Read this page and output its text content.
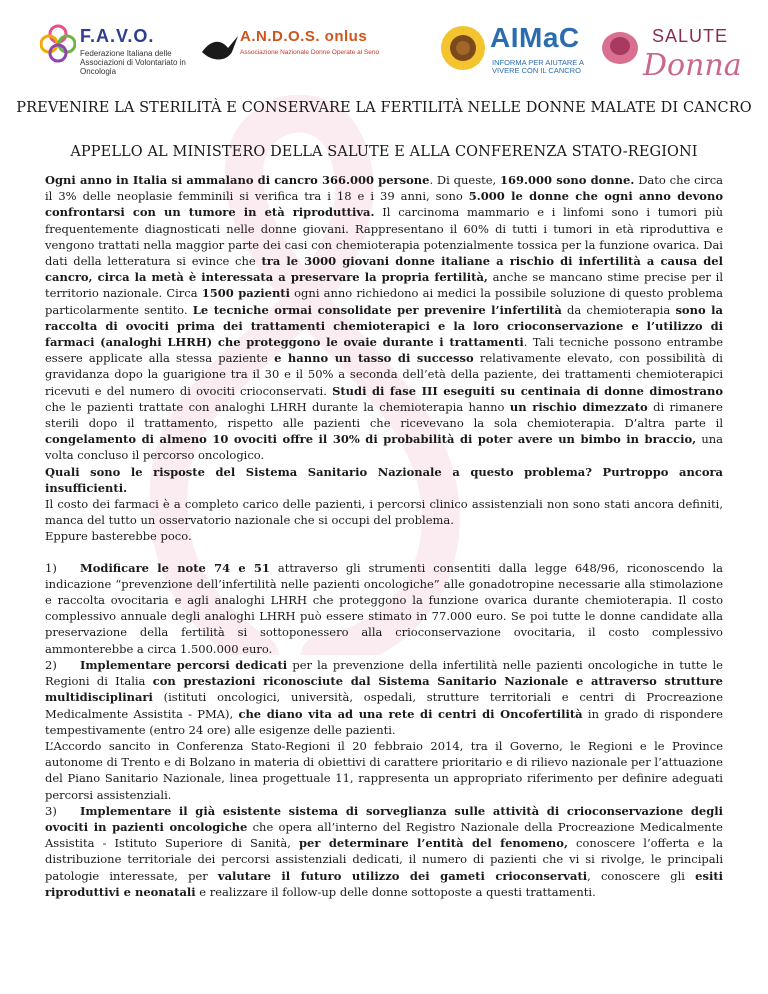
F.A.V.O.
Federazione Italiana delle Associazioni di Volontariato in Oncologia
A.N.D.O.S. onlus
Associazione Nazionale Donne Operate al Seno	AIMaC
INFORMA PER AIUTARE A VIVERE CON IL CANCRO
SALUTE
Donna
PREVENIRE LA STERILITÀ E CONSERVARE LA FERTILITÀ NELLE DONNE MALATE DI CANCRO
APPELLO AL MINISTERO DELLA SALUTE E ALLA CONFERENZA STATO-REGIONI

Ogni anno in Italia si ammalano di cancro 366.000 persone. Di queste, 169.000 sono donne. Dato che circa il 3% delle neoplasie femminili si verifica tra i 18 e i 39 anni, sono 5.000 le donne che ogni anno devono confrontarsi con un tumore in età riproduttiva. Il carcinoma mammario e i linfomi sono i tumori più frequentemente diagnosticati nelle donne giovani. Rappresentano il 60% di tutti i tumori in età riproduttiva e vengono trattati nella maggior parte dei casi con chemioterapia potenzialmente tossica per la funzione ovarica. Dai dati della letteratura si evince che tra le 3000 giovani donne italiane a rischio di infertilità a causa del cancro, circa la metà è interessata a preservare la propria fertilità, anche se mancano stime precise per il territorio nazionale. Circa 1500 pazienti ogni anno richiedono ai medici la possibile soluzione di questo problema particolarmente sentito. Le tecniche ormai consolidate per prevenire l’infertilità da chemioterapia sono la raccolta di ovociti prima dei trattamenti chemioterapici e la loro crioconservazione e l’utilizzo di farmaci (analoghi LHRH) che proteggono le ovaie durante i trattamenti. Tali tecniche possono entrambe essere applicate alla stessa paziente e hanno un tasso di successo relativamente elevato, con possibilità di gravidanza dopo la guarigione tra il 30 e il 50% a seconda dell’età della paziente, dei trattamenti chemioterapici ricevuti e del numero di ovociti crioconservati. Studi di fase III eseguiti su centinaia di donne dimostrano che le pazienti trattate con analoghi LHRH durante la chemioterapia hanno un rischio dimezzato di rimanere sterili dopo il trattamento, rispetto alle pazienti che ricevevano la sola chemioterapia. D’altra parte il congelamento di almeno 10 ovociti offre il 30% di probabilità di poter avere un bimbo in braccio, una volta concluso il percorso oncologico.

Quali sono le risposte del Sistema Sanitario Nazionale a questo problema? Purtroppo ancora insufficienti.

Il costo dei farmaci è a completo carico delle pazienti, i percorsi clinico assistenziali non sono stati ancora definiti, manca del tutto un osservatorio nazionale che si occupi del problema.

Eppure basterebbe poco.

1) Modificare le note 74 e 51 attraverso gli strumenti consentiti dalla legge 648/96, riconoscendo la indicazione “prevenzione dell’infertilità nelle pazienti oncologiche” alle gonadotropine necessarie alla stimolazione e raccolta ovocitaria e agli analoghi LHRH che proteggono la funzione ovarica durante chemioterapia. Il costo complessivo annuale degli analoghi LHRH può essere stimato in 77.000 euro. Se poi tutte le donne candidate alla preservazione della fertilità si sottoponessero alla crioconservazione ovocitaria, il costo complessivo ammonterebbe a circa 1.500.000 euro.

2) Implementare percorsi dedicati per la prevenzione della infertilità nelle pazienti oncologiche in tutte le Regioni di Italia con prestazioni riconosciute dal Sistema Sanitario Nazionale e attraverso strutture multidisciplinari (istituti oncologici, università, ospedali, strutture territoriali e centri di Procreazione Medicalmente Assistita - PMA), che diano vita ad una rete di centri di Oncofertilità in grado di rispondere tempestivamente (entro 24 ore) alle esigenze delle pazienti.

L’Accordo sancito in Conferenza Stato-Regioni il 20 febbraio 2014, tra il Governo, le Regioni e le Province autonome di Trento e di Bolzano in materia di obiettivi di carattere prioritario e di rilievo nazionale per l’attuazione del Piano Sanitario Nazionale, linea progettuale 11, rappresenta un appropriato riferimento per definire adeguati percorsi assistenziali.

3) Implementare il già esistente sistema di sorveglianza sulle attività di crioconservazione degli ovociti in pazienti oncologiche che opera all’interno del Registro Nazionale della Procreazione Medicalmente Assistita - Istituto Superiore di Sanità, per determinare l’entità del fenomeno, conoscere l’offerta e la distribuzione territoriale dei percorsi assistenziali dedicati, il numero di pazienti che vi si rivolge, le principali patologie interessate, per valutare il futuro utilizzo dei gameti crioconservati, conoscere gli esiti riproduttivi e neonatali e realizzare il follow-up delle donne sottoposte a questi trattamenti.
